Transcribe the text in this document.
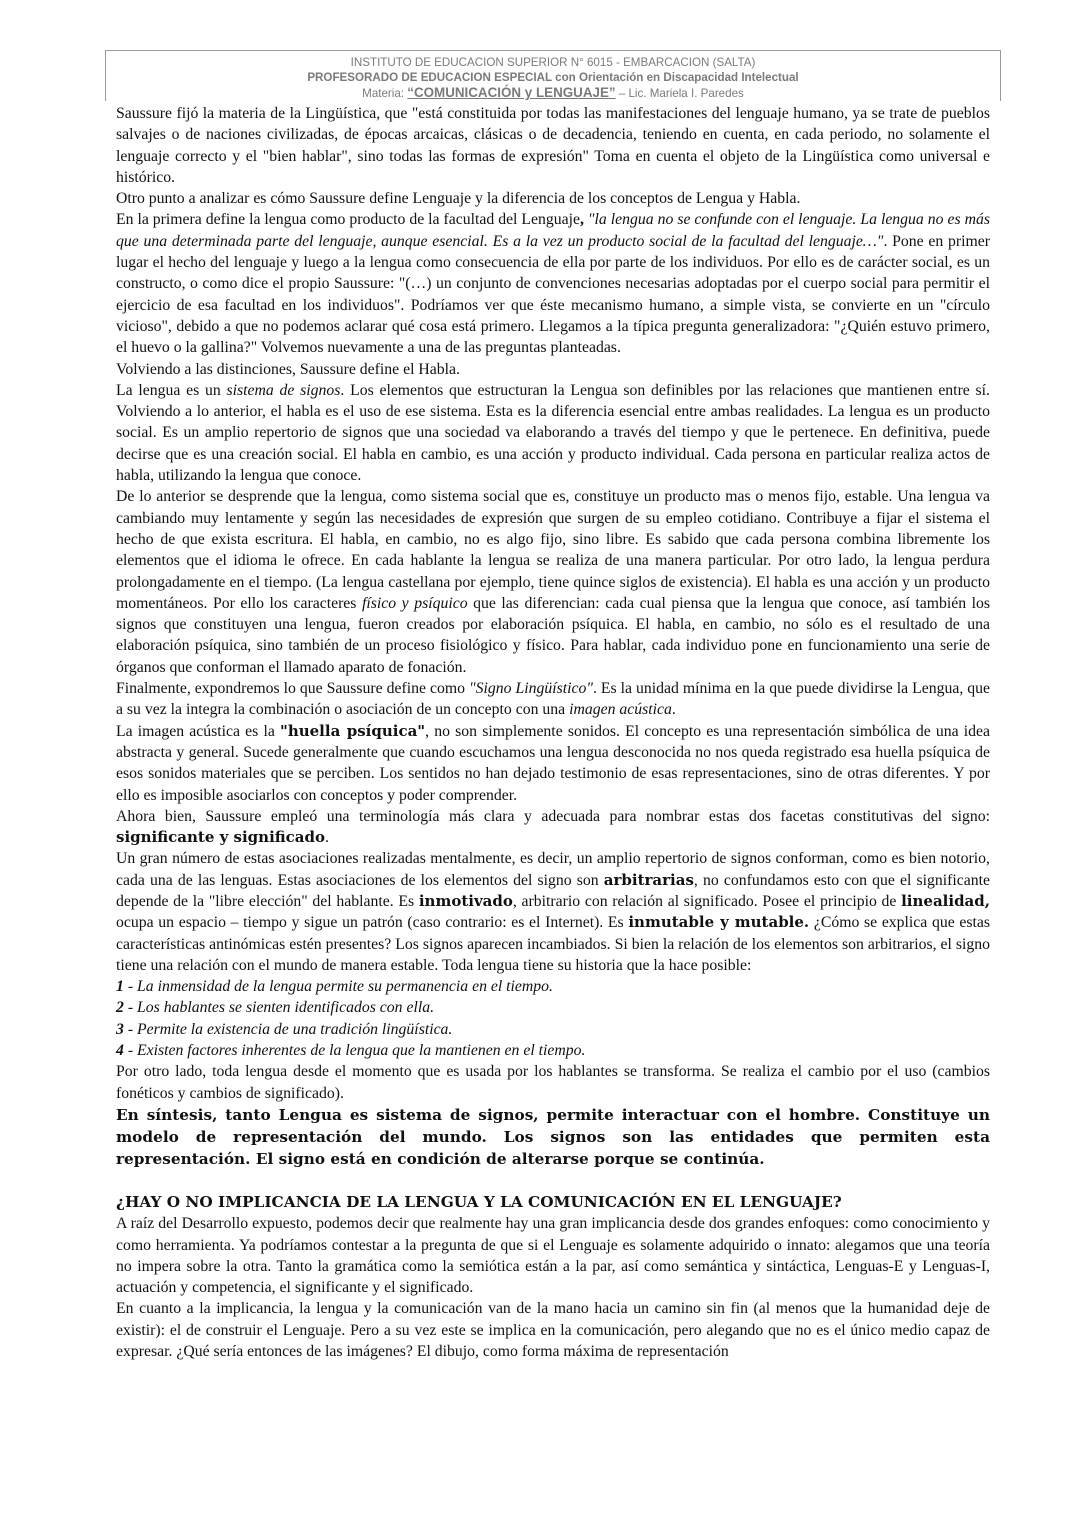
INSTITUTO DE EDUCACION SUPERIOR N° 6015 - EMBARCACION (SALTA)
PROFESORADO DE EDUCACION ESPECIAL con Orientación en Discapacidad Intelectual
Materia: “COMUNICACIÓN y LENGUAJE” – Lic. Mariela I. Paredes

Saussure fijó la materia de la Lingüística, que "está constituida por todas las manifestaciones del lenguaje humano, ya se trate de pueblos salvajes o de naciones civilizadas, de épocas arcaicas, clásicas o de decadencia, teniendo en cuenta, en cada periodo, no solamente el lenguaje correcto y el "bien hablar", sino todas las formas de expresión" Toma en cuenta el objeto de la Lingüística como universal e histórico.

Otro punto a analizar es cómo Saussure define Lenguaje y la diferencia de los conceptos de Lengua y Habla.

En la primera define la lengua como producto de la facultad del Lenguaje, "la lengua no se confunde con el lenguaje. La lengua no es más que una determinada parte del lenguaje, aunque esencial. Es a la vez un producto social de la facultad del lenguaje…". Pone en primer lugar el hecho del lenguaje y luego a la lengua como consecuencia de ella por parte de los individuos. Por ello es de carácter social, es un constructo, o como dice el propio Saussure: "(…) un conjunto de convenciones necesarias adoptadas por el cuerpo social para permitir el ejercicio de esa facultad en los individuos". Podríamos ver que éste mecanismo humano, a simple vista, se convierte en un "círculo vicioso", debido a que no podemos aclarar qué cosa está primero. Llegamos a la típica pregunta generalizadora: "¿Quién estuvo primero, el huevo o la gallina?" Volvemos nuevamente a una de las preguntas planteadas.

Volviendo a las distinciones, Saussure define el Habla.

La lengua es un sistema de signos. Los elementos que estructuran la Lengua son definibles por las relaciones que mantienen entre sí. Volviendo a lo anterior, el habla es el uso de ese sistema. Esta es la diferencia esencial entre ambas realidades. La lengua es un producto social. Es un amplio repertorio de signos que una sociedad va elaborando a través del tiempo y que le pertenece. En definitiva, puede decirse que es una creación social. El habla en cambio, es una acción y producto individual. Cada persona en particular realiza actos de habla, utilizando la lengua que conoce.

De lo anterior se desprende que la lengua, como sistema social que es, constituye un producto mas o menos fijo, estable. Una lengua va cambiando muy lentamente y según las necesidades de expresión que surgen de su empleo cotidiano. Contribuye a fijar el sistema el hecho de que exista escritura. El habla, en cambio, no es algo fijo, sino libre. Es sabido que cada persona combina libremente los elementos que el idioma le ofrece. En cada hablante la lengua se realiza de una manera particular. Por otro lado, la lengua perdura prolongadamente en el tiempo. (La lengua castellana por ejemplo, tiene quince siglos de existencia). El habla es una acción y un producto momentáneos. Por ello los caracteres físico y psíquico que las diferencian: cada cual piensa que la lengua que conoce, así también los signos que constituyen una lengua, fueron creados por elaboración psíquica. El habla, en cambio, no sólo es el resultado de una elaboración psíquica, sino también de un proceso fisiológico y físico. Para hablar, cada individuo pone en funcionamiento una serie de órganos que conforman el llamado aparato de fonación.

Finalmente, expondremos lo que Saussure define como "Signo Lingüístico". Es la unidad mínima en la que puede dividirse la Lengua, que a su vez la integra la combinación o asociación de un concepto con una imagen acústica.

La imagen acústica es la "huella psíquica", no son simplemente sonidos. El concepto es una representación simbólica de una idea abstracta y general. Sucede generalmente que cuando escuchamos una lengua desconocida no nos queda registrado esa huella psíquica de esos sonidos materiales que se perciben. Los sentidos no han dejado testimonio de esas representaciones, sino de otras diferentes. Y por ello es imposible asociarlos con conceptos y poder comprender.

Ahora bien, Saussure empleó una terminología más clara y adecuada para nombrar estas dos facetas constitutivas del signo: significante y significado.

Un gran número de estas asociaciones realizadas mentalmente, es decir, un amplio repertorio de signos conforman, como es bien notorio, cada una de las lenguas. Estas asociaciones de los elementos del signo son arbitrarias, no confundamos esto con que el significante depende de la "libre elección" del hablante. Es inmotivado, arbitrario con relación al significado. Posee el principio de linealidad, ocupa un espacio – tiempo y sigue un patrón (caso contrario: es el Internet). Es inmutable y mutable. ¿Cómo se explica que estas características antinómicas estén presentes? Los signos aparecen incambiados. Si bien la relación de los elementos son arbitrarios, el signo tiene una relación con el mundo de manera estable. Toda lengua tiene su historia que la hace posible:

1 - La inmensidad de la lengua permite su permanencia en el tiempo.

2 - Los hablantes se sienten identificados con ella.

3 - Permite la existencia de una tradición lingüística.

4 - Existen factores inherentes de la lengua que la mantienen en el tiempo.

Por otro lado, toda lengua desde el momento que es usada por los hablantes se transforma. Se realiza el cambio por el uso (cambios fonéticos y cambios de significado).

En síntesis, tanto Lengua es sistema de signos, permite interactuar con el hombre. Constituye un modelo de representación del mundo. Los signos son las entidades que permiten esta representación. El signo está en condición de alterarse porque se continúa.

¿HAY O NO IMPLICANCIA DE LA LENGUA Y LA COMUNICACIÓN EN EL LENGUAJE?

A raíz del Desarrollo expuesto, podemos decir que realmente hay una gran implicancia desde dos grandes enfoques: como conocimiento y como herramienta. Ya podríamos contestar a la pregunta de que si el Lenguaje es solamente adquirido o innato: alegamos que una teoría no impera sobre la otra. Tanto la gramática como la semiótica están a la par, así como semántica y sintáctica, Lenguas-E y Lenguas-I, actuación y competencia, el significante y el significado.

En cuanto a la implicancia, la lengua y la comunicación van de la mano hacia un camino sin fin (al menos que la humanidad deje de existir): el de construir el Lenguaje. Pero a su vez este se implica en la comunicación, pero alegando que no es el único medio capaz de expresar. ¿Qué sería entonces de las imágenes? El dibujo, como forma máxima de representación
